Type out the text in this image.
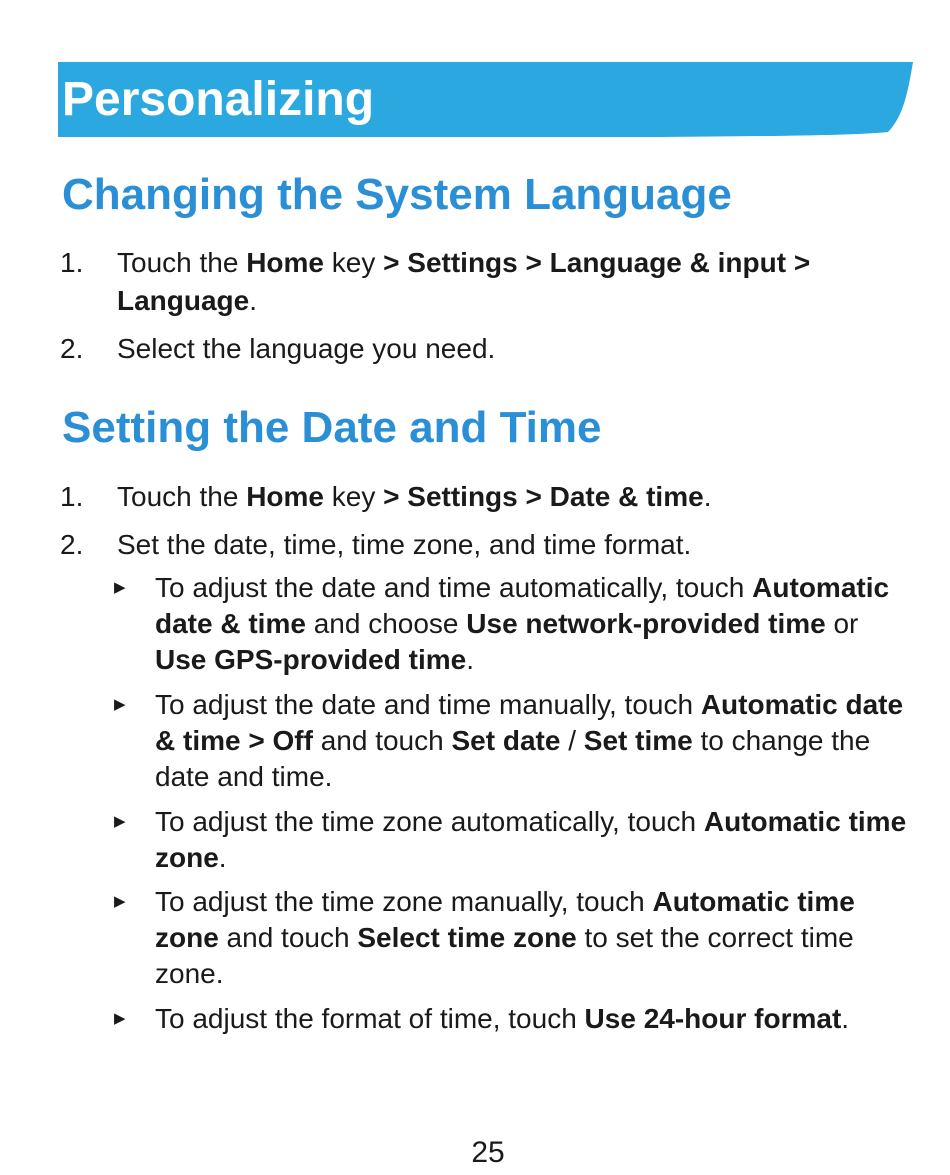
Personalizing
Changing the System Language
1. Touch the Home key > Settings > Language & input > Language.
2. Select the language you need.
Setting the Date and Time
1. Touch the Home key > Settings > Date & time.
2. Set the date, time, time zone, and time format.
▶ To adjust the date and time automatically, touch Automatic date & time and choose Use network-provided time or Use GPS-provided time.
▶ To adjust the date and time manually, touch Automatic date & time > Off and touch Set date / Set time to change the date and time.
▶ To adjust the time zone automatically, touch Automatic time zone.
▶ To adjust the time zone manually, touch Automatic time zone and touch Select time zone to set the correct time zone.
▶ To adjust the format of time, touch Use 24-hour format.
25
